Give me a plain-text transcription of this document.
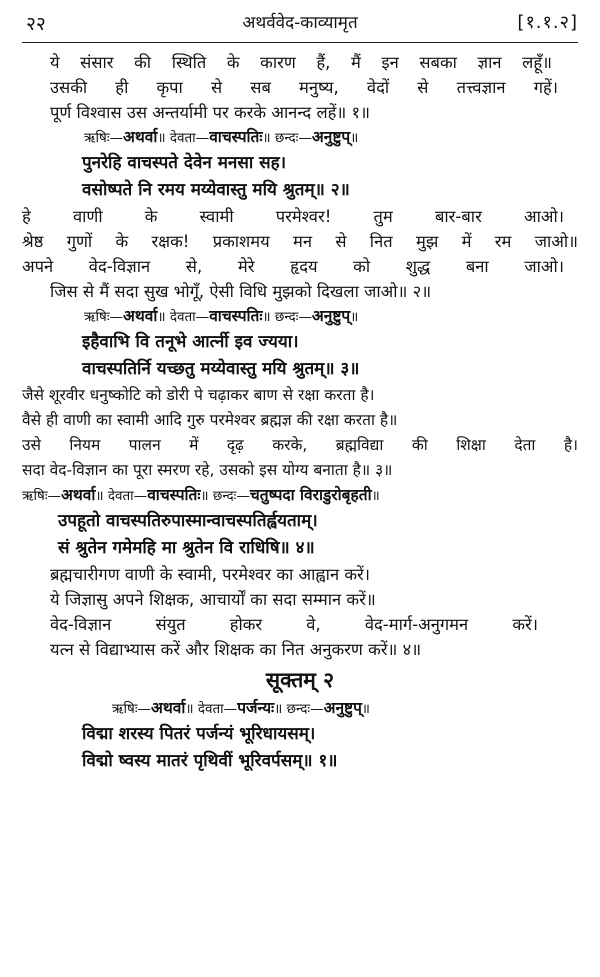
२२	अथर्ववेद-काव्यामृत	[१.१.२]
ये संसार की स्थिति के कारण हैं, मैं इन सबका ज्ञान लहूँ॥
उसकी ही कृपा से सब मनुष्य, वेदों से तत्त्वज्ञान गहें।
पूर्ण विश्वास उस अन्तर्यामी पर करके आनन्द लहें॥ १॥
ऋषिः—अथर्वा॥ देवता—वाचस्पतिः॥ छन्दः—अनुष्टुप्॥
पुनरेहि वाचस्पते देवेन मनसा सह।
वसोष्पते नि रमय मय्येवास्तु मयि श्रुतम्॥ २॥
हे वाणी के स्वामी परमेश्वर! तुम बार-बार आओ।
श्रेष्ठ गुणों के रक्षक! प्रकाशमय मन से नित मुझ में रम जाओ॥
अपने वेद-विज्ञान से, मेरे हृदय को शुद्ध बना जाओ।
जिस से मैं सदा सुख भोगूँ, ऐसी विधि मुझको दिखला जाओ॥ २॥
ऋषिः—अथर्वा॥ देवता—वाचस्पतिः॥ छन्दः—अनुष्टुप्॥
इहैवाभि वि तनूभे आर्त्नी इव ज्यया।
वाचस्पतिर्नि यच्छतु मय्येवास्तु मयि श्रुतम्॥ ३॥
जैसे शूरवीर धनुष्कोटि को डोरी पे चढ़ाकर बाण से रक्षा करता है।
वैसे ही वाणी का स्वामी आदि गुरु परमेश्वर ब्रह्मज्ञ की रक्षा करता है॥
उसे नियम पालन में दृढ़ करके, ब्रह्मविद्या की शिक्षा देता है।
सदा वेद-विज्ञान का पूरा स्मरण रहे, उसको इस योग्य बनाता है॥ ३॥
ऋषिः—अथर्वा॥ देवता—वाचस्पतिः॥ छन्दः—चतुष्पदा विराडुरोबृहती॥
उपहूतो वाचस्पतिरुपास्मान्वाचस्पतिर्ह्वयताम्।
सं श्रुतेन गमेमहि मा श्रुतेन वि राधिषि॥ ४॥
ब्रह्मचारीगण वाणी के स्वामी, परमेश्वर का आह्वान करें।
ये जिज्ञासु अपने शिक्षक, आचार्यों का सदा सम्मान करें॥
वेद-विज्ञान संयुत होकर वे, वेद-मार्ग-अनुगमन करें।
यत्न से विद्याभ्यास करें और शिक्षक का नित अनुकरण करें॥ ४॥
सूक्तम् २
ऋषिः—अथर्वा॥ देवता—पर्जन्यः॥ छन्दः—अनुष्टुप्॥
विद्मा शरस्य पितरं पर्जन्यं भूरिधायसम्।
विद्मो ष्वस्य मातरं पृथिवीं भूरिवर्पसम्॥ १॥
